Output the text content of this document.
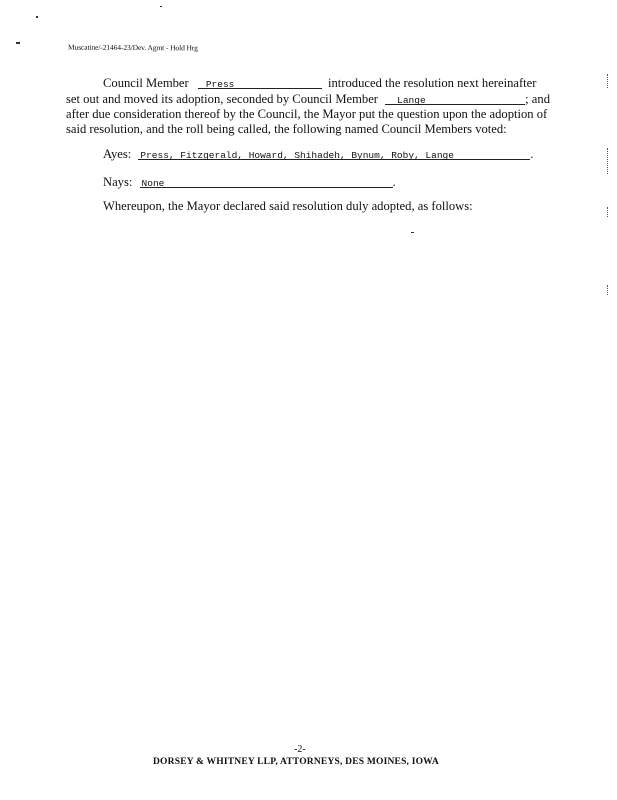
Muscatine/-21464-23/Dev. Agmt - Hold Hrg
Council Member Press	introduced the resolution next hereinafter
set out and moved its adoption, seconded by Council Member Lange	; and
after due consideration thereof by the Council, the Mayor put the question upon the adoption of
said resolution, and the roll being called, the following named Council Members voted:
Ayes: Press, Fitzgerald, Howard, Shihadeh, Bynum, Roby, Lange	.
Nays: None	.
Whereupon, the Mayor declared said resolution duly adopted, as follows:
-2-
DORSEY & WHITNEY LLP, ATTORNEYS, DES MOINES, IOWA
